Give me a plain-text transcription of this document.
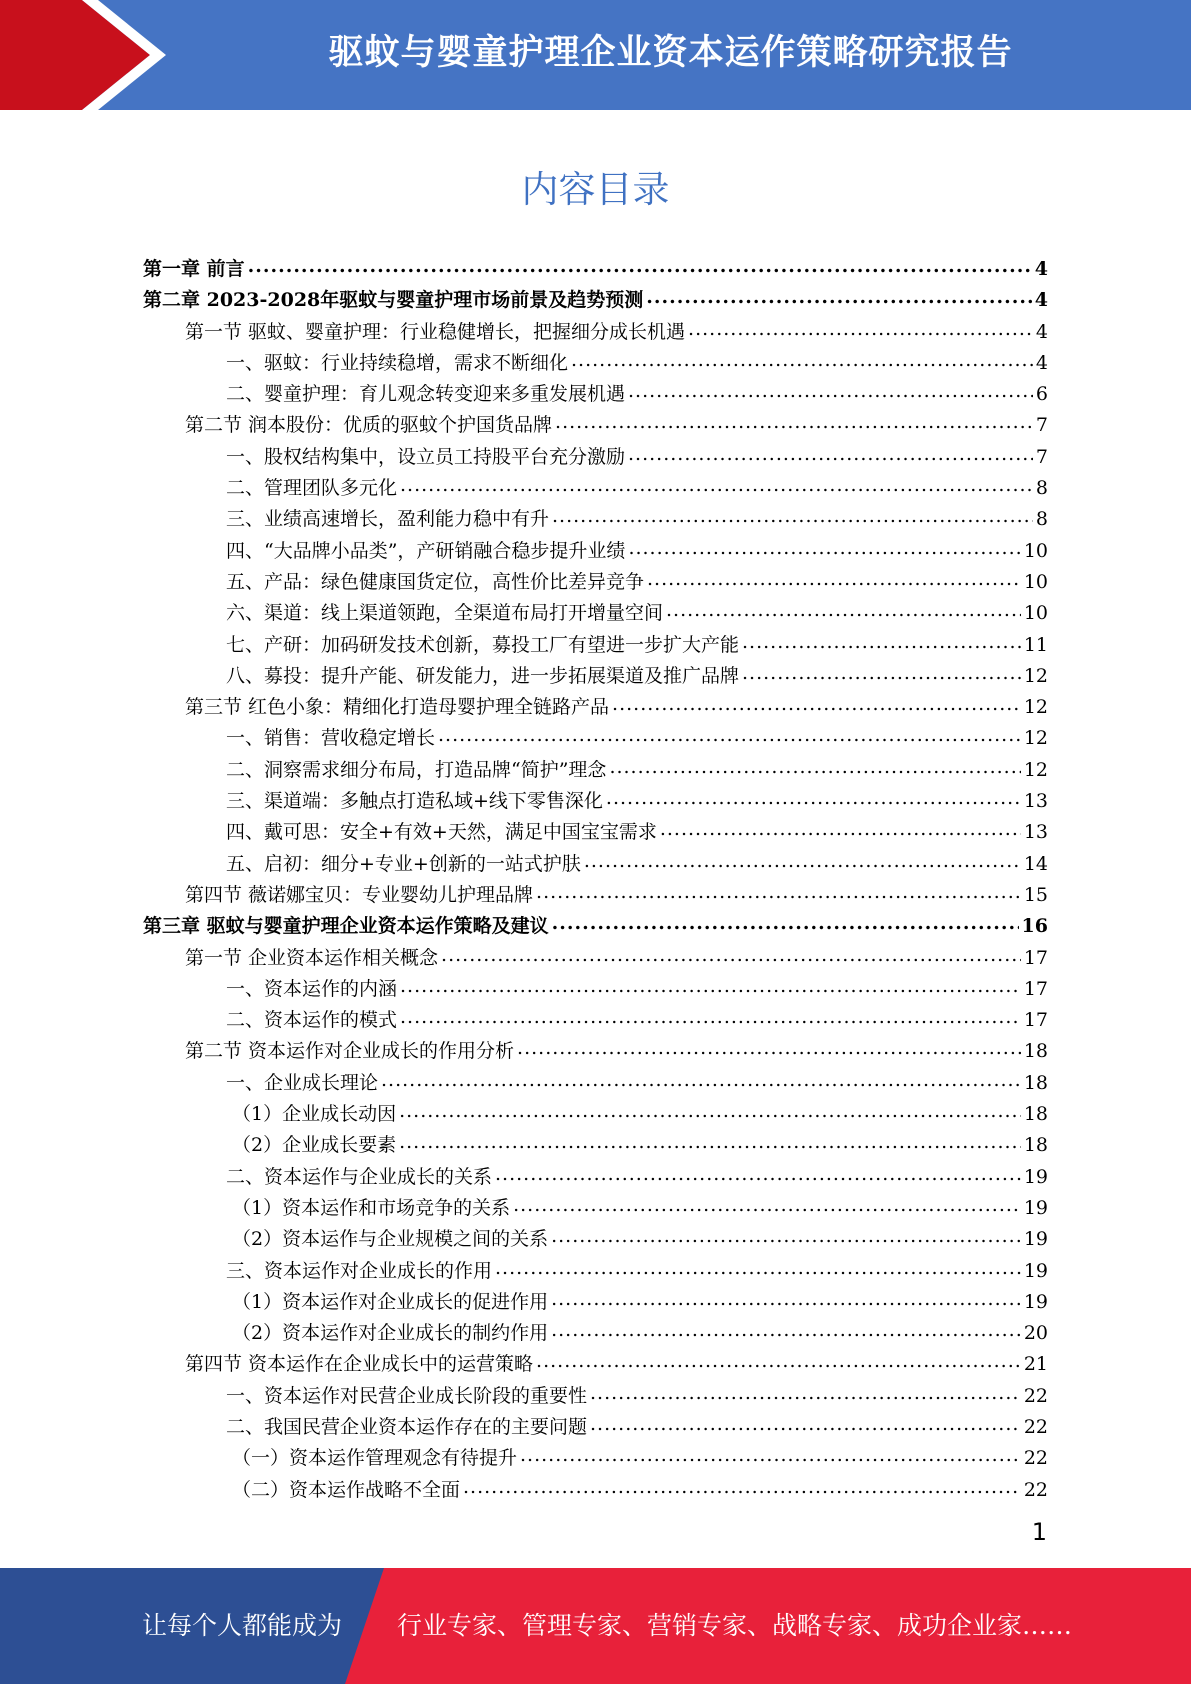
驱蚊与婴童护理企业资本运作策略研究报告
内容目录
第一章 前言 .....	4
第二章 2023-2028年驱蚊与婴童护理市场前景及趋势预测 .....	4
第一节 驱蚊、婴童护理：行业稳健增长，把握细分成长机遇 .....	4
一、驱蚊：行业持续稳增，需求不断细化 .....	4
二、婴童护理：育儿观念转变迎来多重发展机遇 .....	6
第二节 润本股份：优质的驱蚊个护国货品牌 .....	7
一、股权结构集中，设立员工持股平台充分激励 .....	7
二、管理团队多元化 .....	8
三、业绩高速增长，盈利能力稳中有升 .....	8
四、“大品牌小品类”，产研销融合稳步提升业绩 .....	10
五、产品：绿色健康国货定位，高性价比差异竞争 .....	10
六、渠道：线上渠道领跑，全渠道布局打开增量空间 .....	10
七、产研：加码研发技术创新，募投工厂有望进一步扩大产能 .....	11
八、募投：提升产能、研发能力，进一步拓展渠道及推广品牌 .....	12
第三节 红色小象：精细化打造母婴护理全链路产品 .....	12
一、销售：营收稳定增长 .....	12
二、洞察需求细分布局，打造品牌“简护”理念 .....	12
三、渠道端：多触点打造私域+线下零售深化 .....	13
四、戴可思：安全+有效+天然，满足中国宝宝需求 .....	13
五、启初：细分+专业+创新的一站式护肤 .....	14
第四节 薇诺娜宝贝：专业婴幼儿护理品牌 .....	15
第三章 驱蚊与婴童护理企业资本运作策略及建议 .....	16
第一节 企业资本运作相关概念 .....	17
一、资本运作的内涵 .....	17
二、资本运作的模式 .....	17
第二节 资本运作对企业成长的作用分析 .....	18
一、企业成长理论 .....	18
（1）企业成长动因 .....	18
（2）企业成长要素 .....	18
二、资本运作与企业成长的关系 .....	19
（1）资本运作和市场竞争的关系 .....	19
（2）资本运作与企业规模之间的关系 .....	19
三、资本运作对企业成长的作用 .....	19
（1）资本运作对企业成长的促进作用 .....	19
（2）资本运作对企业成长的制约作用 .....	20
第四节 资本运作在企业成长中的运营策略 .....	21
一、资本运作对民营企业成长阶段的重要性 .....	22
二、我国民营企业资本运作存在的主要问题 .....	22
（一）资本运作管理观念有待提升 .....	22
（二）资本运作战略不全面 .....	22
1
让每个人都能成为 行业专家、管理专家、营销专家、战略专家、成功企业家……
